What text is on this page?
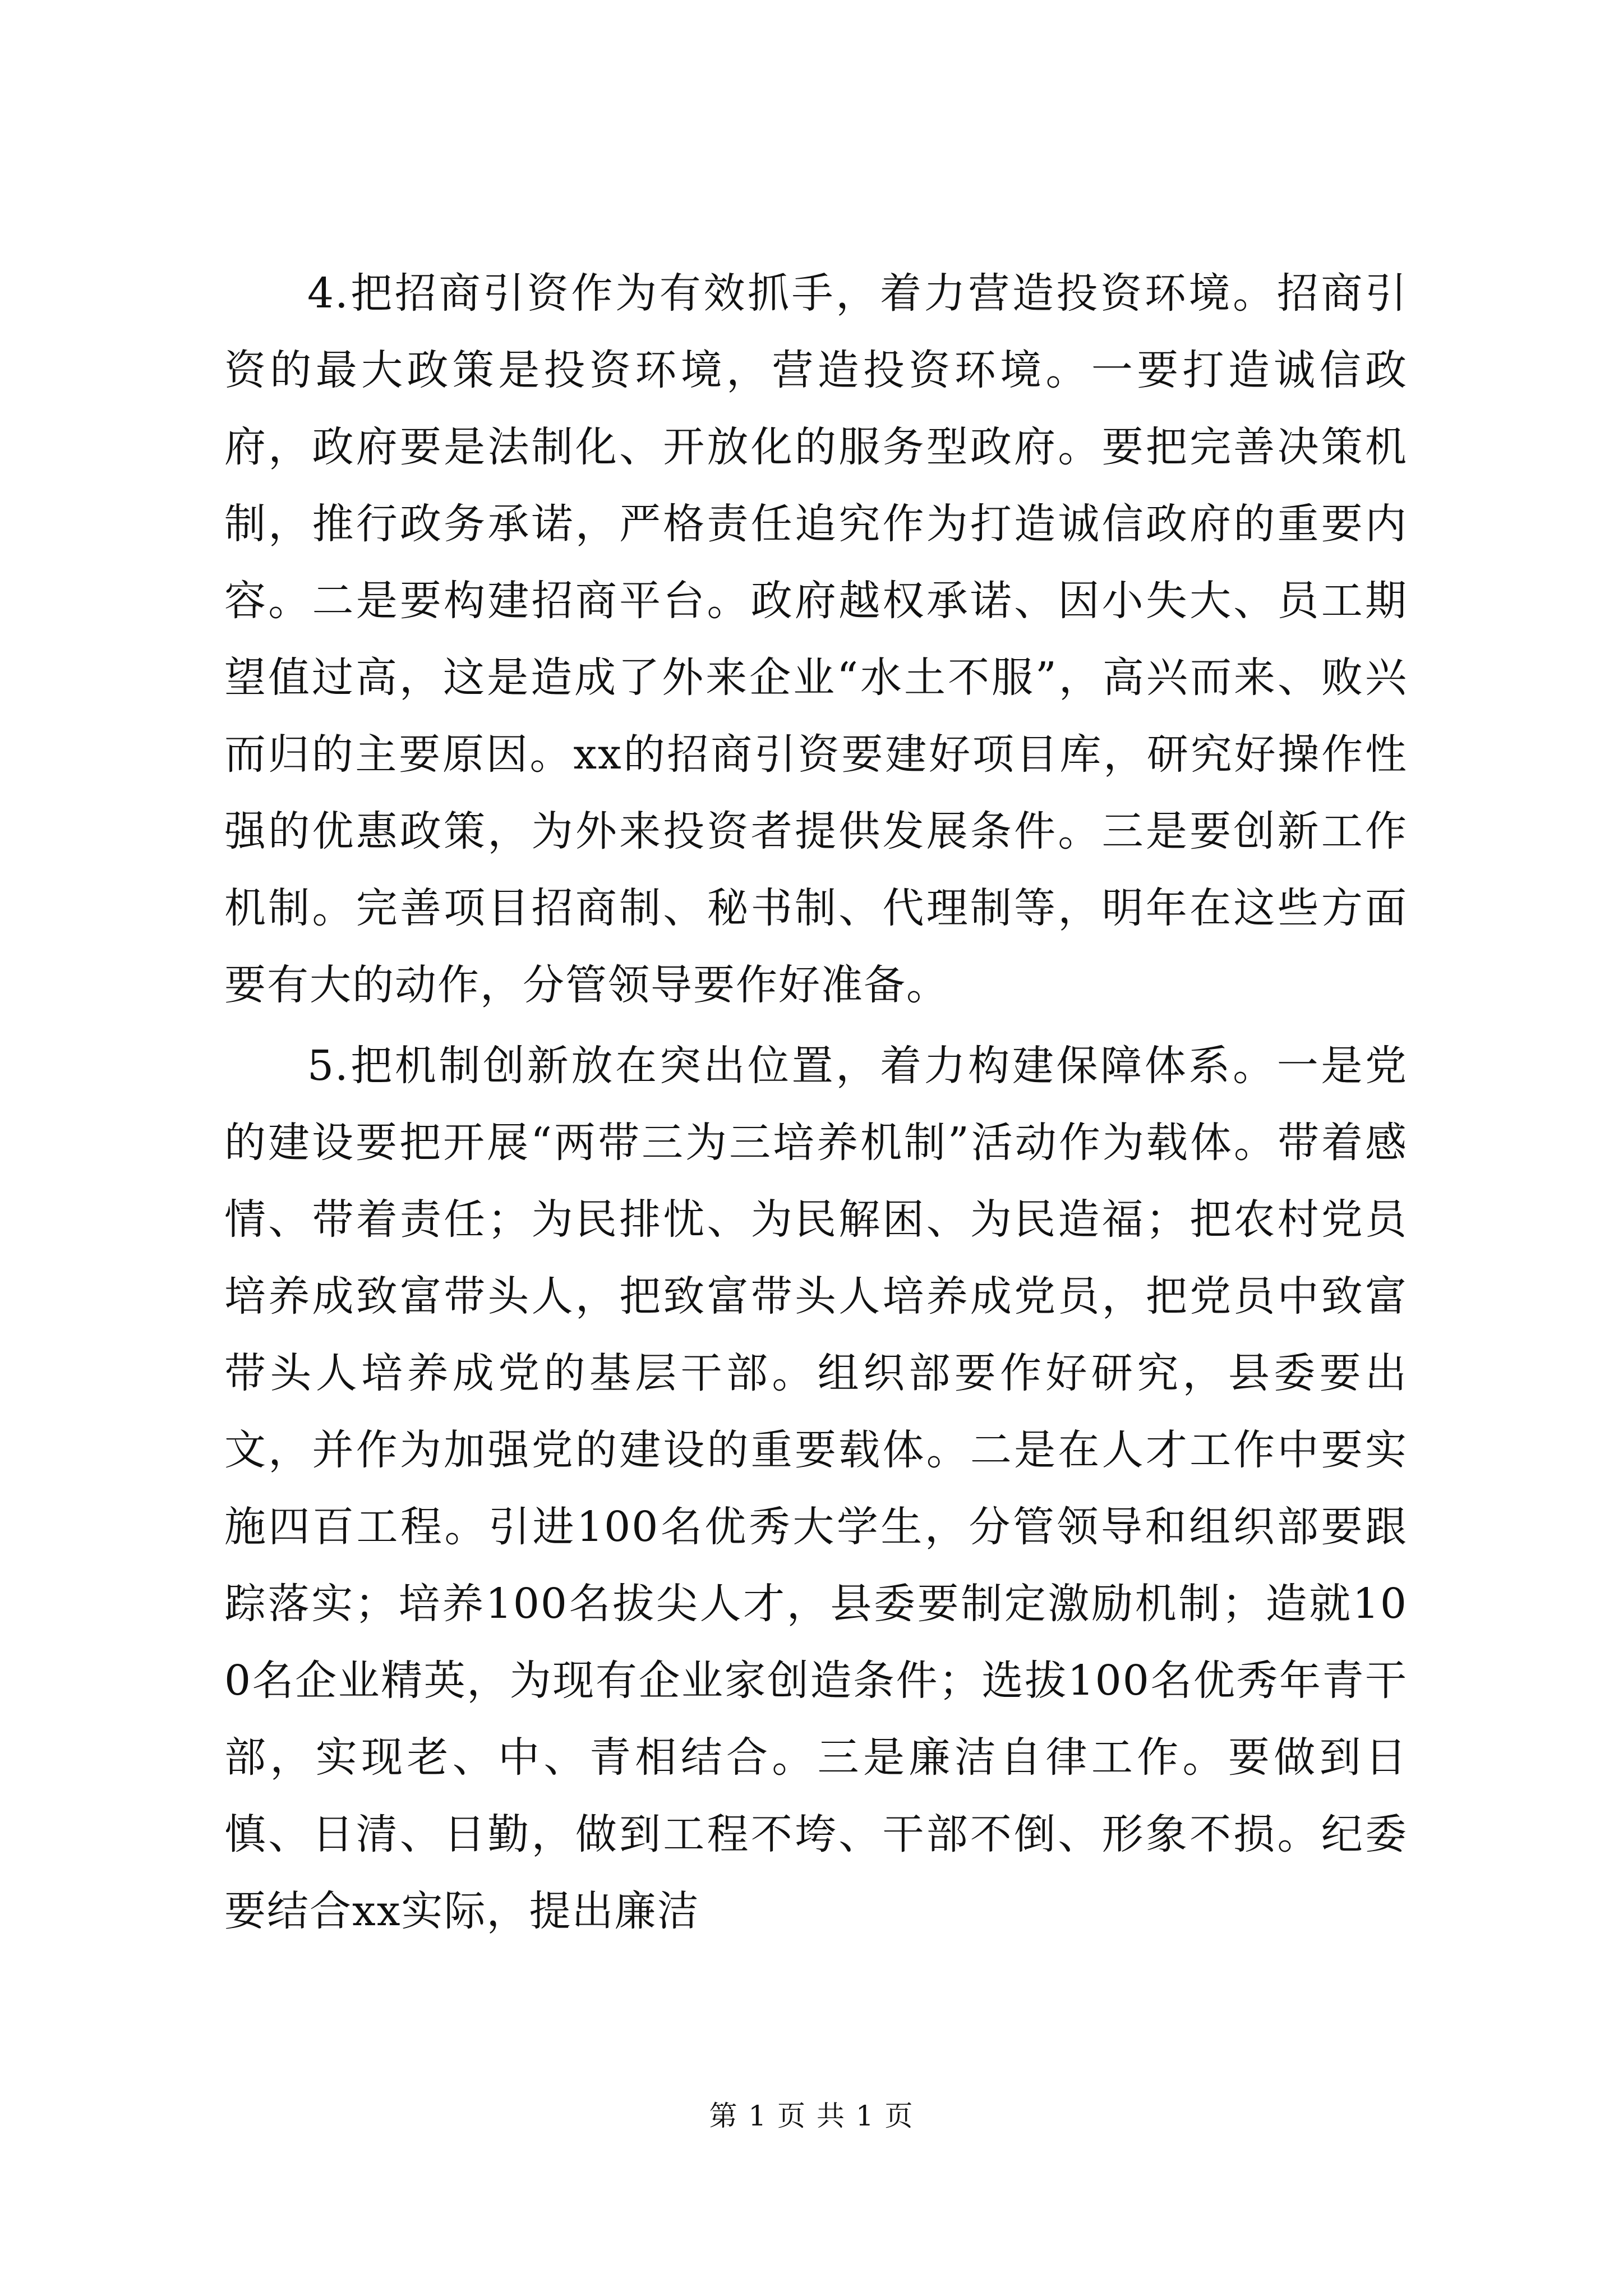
4.把招商引资作为有效抓手，着力营造投资环境。招商引资的最大政策是投资环境，营造投资环境。一要打造诚信政府，政府要是法制化、开放化的服务型政府。要把完善决策机制，推行政务承诺，严格责任追究作为打造诚信政府的重要内容。二是要构建招商平台。政府越权承诺、因小失大、员工期望值过高，这是造成了外来企业“水土不服”，高兴而来、败兴而归的主要原因。xx的招商引资要建好项目库，研究好操作性强的优惠政策，为外来投资者提供发展条件。三是要创新工作机制。完善项目招商制、秘书制、代理制等，明年在这些方面要有大的动作，分管领导要作好准备。

5.把机制创新放在突出位置，着力构建保障体系。一是党的建设要把开展“两带三为三培养机制”活动作为载体。带着感情、带着责任；为民排忧、为民解困、为民造福；把农村党员培养成致富带头人，把致富带头人培养成党员，把党员中致富带头人培养成党的基层干部。组织部要作好研究，县委要出文，并作为加强党的建设的重要载体。二是在人才工作中要实施四百工程。引进100名优秀大学生，分管领导和组织部要跟踪落实；培养100名拔尖人才，县委要制定激励机制；造就100名企业精英，为现有企业家创造条件；选拔100名优秀年青干部，实现老、中、青相结合。三是廉洁自律工作。要做到日慎、日清、日勤，做到工程不垮、干部不倒、形象不损。纪委要结合xx实际，提出廉洁

第 1 页 共 1 页
